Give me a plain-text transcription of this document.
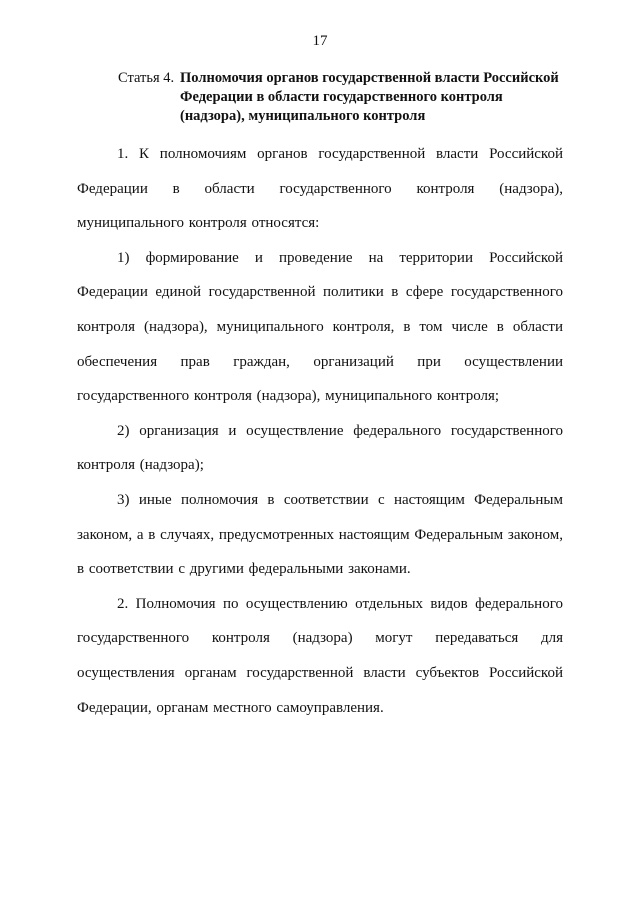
17
Статья 4. Полномочия органов государственной власти Российской Федерации в области государственного контроля (надзора), муниципального контроля

1. К полномочиям органов государственной власти Российской Федерации в области государственного контроля (надзора), муниципального контроля относятся:

1) формирование и проведение на территории Российской Федерации единой государственной политики в сфере государственного контроля (надзора), муниципального контроля, в том числе в области обеспечения прав граждан, организаций при осуществлении государственного контроля (надзора), муниципального контроля;

2) организация и осуществление федерального государственного контроля (надзора);

3) иные полномочия в соответствии с настоящим Федеральным законом, а в случаях, предусмотренных настоящим Федеральным законом, в соответствии с другими федеральными законами.

2. Полномочия по осуществлению отдельных видов федерального государственного контроля (надзора) могут передаваться для осуществления органам государственной власти субъектов Российской Федерации, органам местного самоуправления.
